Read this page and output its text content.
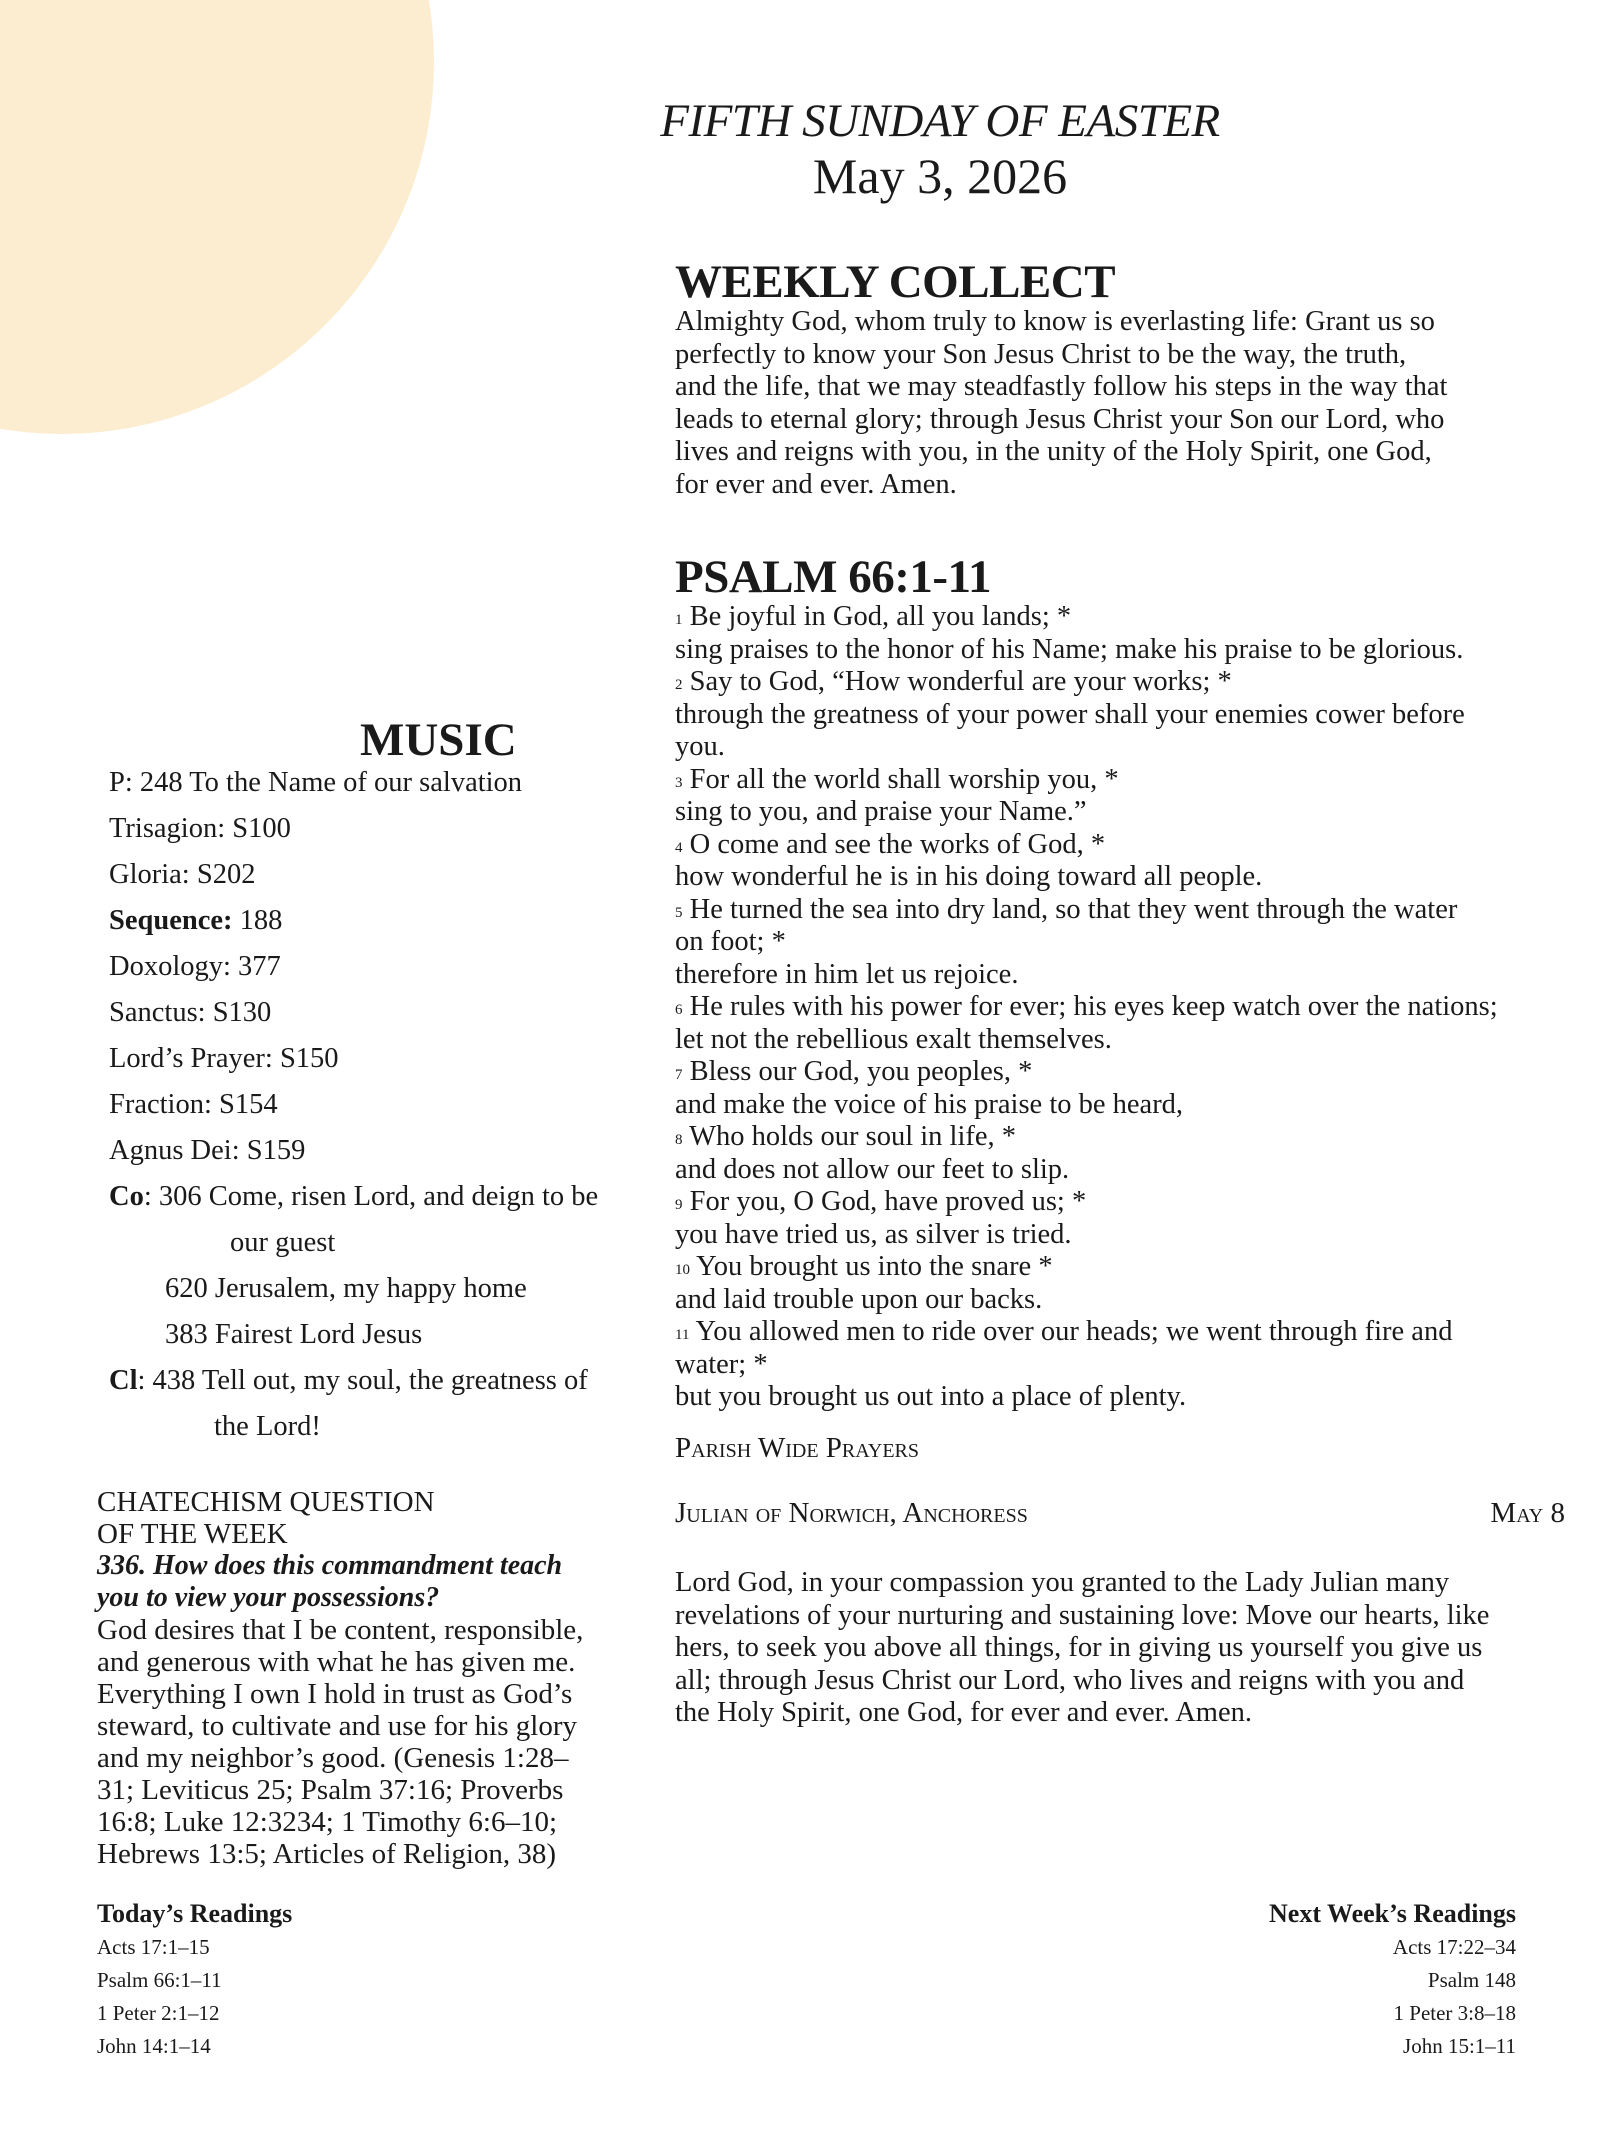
FIFTH SUNDAY OF EASTER
May 3, 2026
WEEKLY COLLECT
Almighty God, whom truly to know is everlasting life: Grant us so
perfectly to know your Son Jesus Christ to be the way, the truth,
and the life, that we may steadfastly follow his steps in the way that
leads to eternal glory; through Jesus Christ your Son our Lord, who
lives and reigns with you, in the unity of the Holy Spirit, one God,
for ever and ever. Amen.
PSALM 66:1-11
$^1$ Be joyful in God, all you lands; *
sing praises to the honor of his Name; make his praise to be glorious.
$^2$ Say to God, “How wonderful are your works; *
through the greatness of your power shall your enemies cower before
you.
$^3$ For all the world shall worship you, *
sing to you, and praise your Name.”
$^4$ O come and see the works of God, *
how wonderful he is in his doing toward all people.
$^5$ He turned the sea into dry land, so that they went through the water
on foot; *
therefore in him let us rejoice.
$^6$ He rules with his power for ever; his eyes keep watch over the nations;
let not the rebellious exalt themselves.
$^7$ Bless our God, you peoples, *
and make the voice of his praise to be heard,
$^8$ Who holds our soul in life, *
and does not allow our feet to slip.
$^9$ For you, O God, have proved us; *
you have tried us, as silver is tried.
$^{10}$ You brought us into the snare *
and laid trouble upon our backs.
$^{11}$ You allowed men to ride over our heads; we went through fire and
water; *
but you brought us out into a place of plenty.
Parish Wide Prayers
Julian of Norwich, Anchoress	May 8
Lord God, in your compassion you granted to the Lady Julian many
revelations of your nurturing and sustaining love: Move our hearts, like
hers, to seek you above all things, for in giving us yourself you give us
all; through Jesus Christ our Lord, who lives and reigns with you and
the Holy Spirit, one God, for ever and ever. Amen.
MUSIC
P: 248 To the Name of our salvation
Trisagion: S100
Gloria: S202
Sequence: 188
Doxology: 377
Sanctus: S130
Lord’s Prayer: S150
Fraction: S154
Agnus Dei: S159
Co: 306 Come, risen Lord, and deign to be
our guest
620 Jerusalem, my happy home
383 Fairest Lord Jesus
Cl: 438 Tell out, my soul, the greatness of
the Lord!
CHATECHISM QUESTION
OF THE WEEK
336. How does this commandment teach
you to view your possessions?
God desires that I be content, responsible,
and generous with what he has given me.
Everything I own I hold in trust as God’s
steward, to cultivate and use for his glory
and my neighbor’s good. (Genesis 1:28–
31; Leviticus 25; Psalm 37:16; Proverbs
16:8; Luke 12:3234; 1 Timothy 6:6–10;
Hebrews 13:5; Articles of Religion, 38)
Today’s Readings
Acts 17:1–15
Psalm 66:1–11
1 Peter 2:1–12
John 14:1–14
Next Week’s Readings
Acts 17:22–34
Psalm 148
1 Peter 3:8–18
John 15:1–11
